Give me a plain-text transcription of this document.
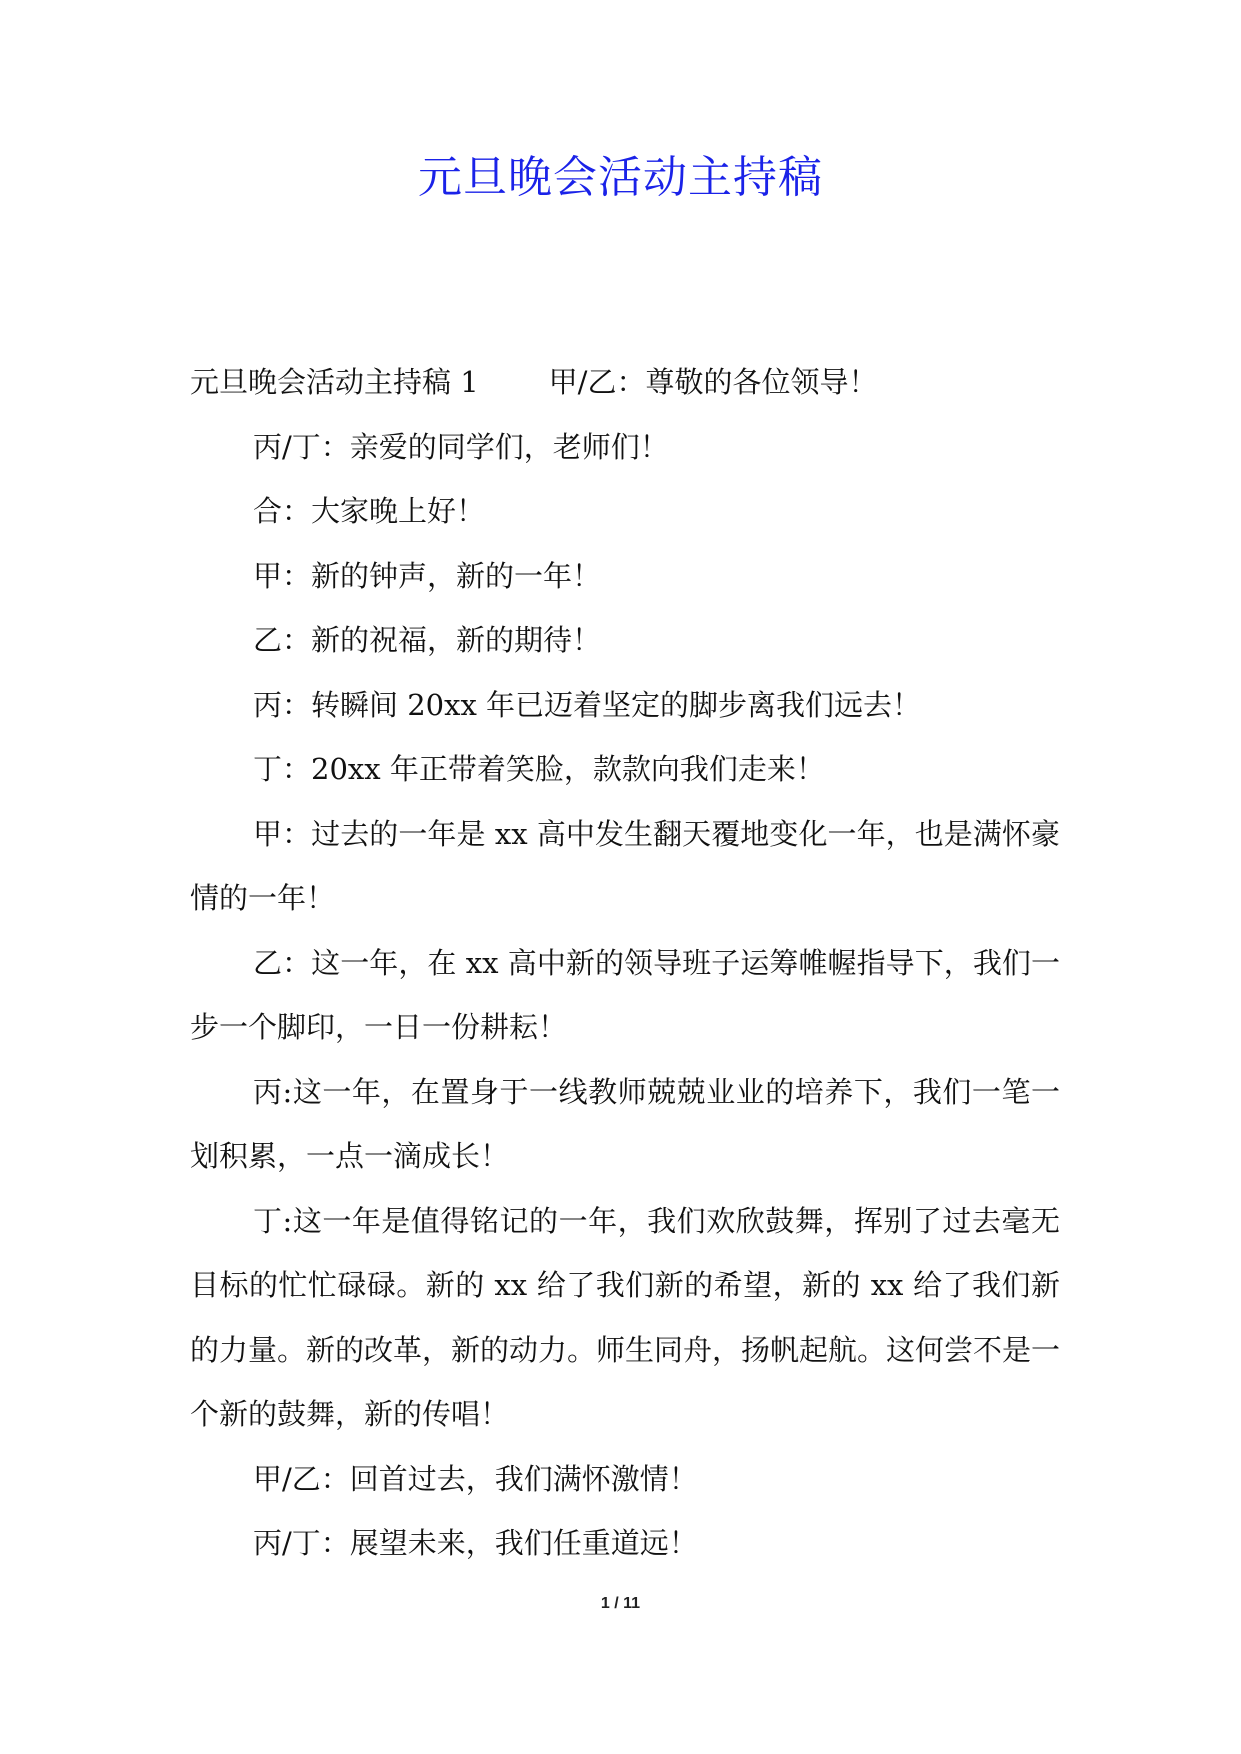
元旦晚会活动主持稿

元旦晚会活动主持稿 1 甲/乙：尊敬的各位领导！

丙/丁：亲爱的同学们，老师们！

合：大家晚上好！

甲：新的钟声，新的一年！

乙：新的祝福，新的期待！

丙：转瞬间 20xx 年已迈着坚定的脚步离我们远去！

丁：20xx 年正带着笑脸，款款向我们走来！

甲：过去的一年是 xx 高中发生翻天覆地变化一年，也是满怀豪情的一年！

乙：这一年，在 xx 高中新的领导班子运筹帷幄指导下，我们一步一个脚印，一日一份耕耘！

丙:这一年，在置身于一线教师兢兢业业的培养下，我们一笔一划积累，一点一滴成长！

丁:这一年是值得铭记的一年，我们欢欣鼓舞，挥别了过去毫无目标的忙忙碌碌。新的 xx 给了我们新的希望，新的 xx 给了我们新的力量。新的改革，新的动力。师生同舟，扬帆起航。这何尝不是一个新的鼓舞，新的传唱！

甲/乙：回首过去，我们满怀激情！

丙/丁：展望未来，我们任重道远！

1 / 11
